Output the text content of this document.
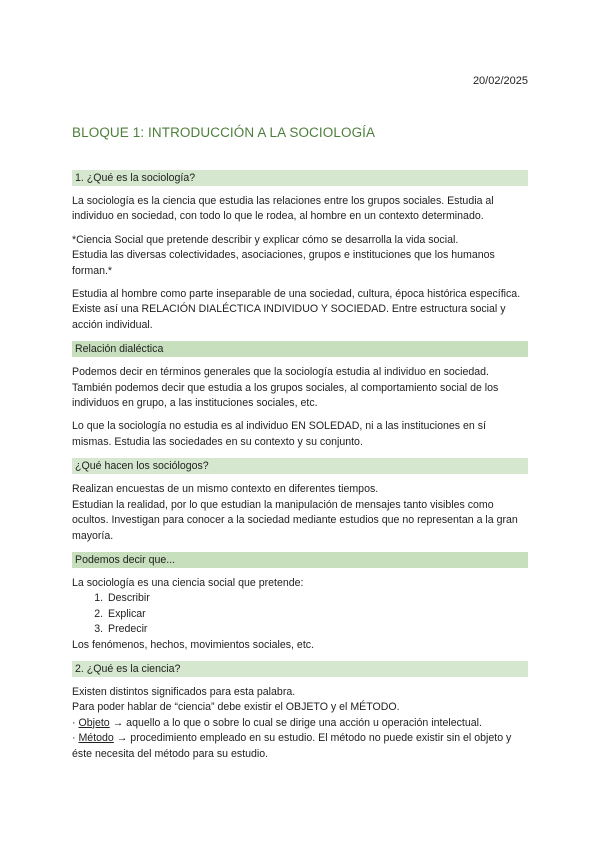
20/02/2025
BLOQUE 1: INTRODUCCIÓN A LA SOCIOLOGÍA
1. ¿Qué es la sociología?

La sociología es la ciencia que estudia las relaciones entre los grupos sociales. Estudia al individuo en sociedad, con todo lo que le rodea, al hombre en un contexto determinado.

*Ciencia Social que pretende describir y explicar cómo se desarrolla la vida social.
Estudia las diversas colectividades, asociaciones, grupos e instituciones que los humanos forman.*

Estudia al hombre como parte inseparable de una sociedad, cultura, época histórica específica. Existe así una RELACIÓN DIALÉCTICA INDIVIDUO Y SOCIEDAD. Entre estructura social y acción individual.

Relación dialéctica

Podemos decir en términos generales que la sociología estudia al individuo en sociedad. También podemos decir que estudia a los grupos sociales, al comportamiento social de los individuos en grupo, a las instituciones sociales, etc.

Lo que la sociología no estudia es al individuo EN SOLEDAD, ni a las instituciones en sí mismas. Estudia las sociedades en su contexto y su conjunto.

¿Qué hacen los sociólogos?

Realizan encuestas de un mismo contexto en diferentes tiempos.
Estudian la realidad, por lo que estudian la manipulación de mensajes tanto visibles como ocultos. Investigan para conocer a la sociedad mediante estudios que no representan a la gran mayoría.

Podemos decir que...

La sociología es una ciencia social que pretende:

1. Describir
2. Explicar
3. Predecir

Los fenómenos, hechos, movimientos sociales, etc.

2. ¿Qué es la ciencia?

Existen distintos significados para esta palabra.
Para poder hablar de “ciencia” debe existir el OBJETO y el MÉTODO.
· Objeto → aquello a lo que o sobre lo cual se dirige una acción u operación intelectual.
· Método → procedimiento empleado en su estudio. El método no puede existir sin el objeto y éste necesita del método para su estudio.
